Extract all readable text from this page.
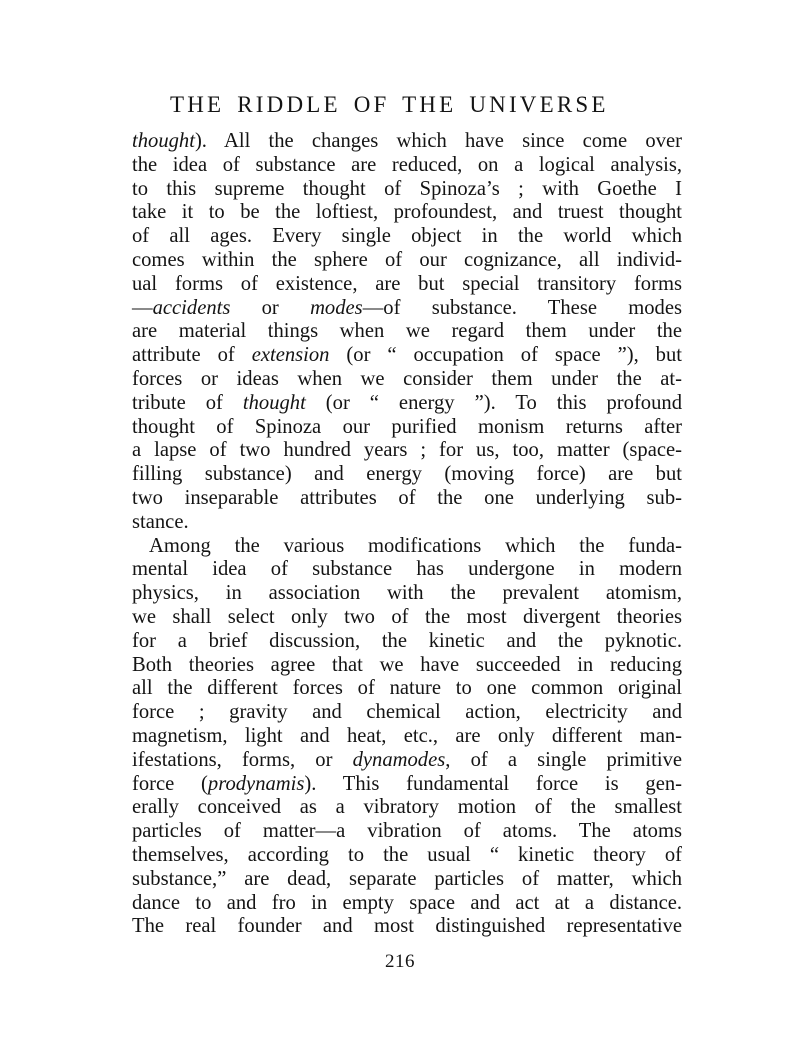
THE RIDDLE OF THE UNIVERSE
thought). All the changes which have since come over
the idea of substance are reduced, on a logical analysis,
to this supreme thought of Spinoza’s ; with Goethe I
take it to be the loftiest, profoundest, and truest thought
of all ages. Every single object in the world which
comes within the sphere of our cognizance, all individ-
ual forms of existence, are but special transitory forms
—accidents or modes—of substance. These modes
are material things when we regard them under the
attribute of extension (or “ occupation of space ”), but
forces or ideas when we consider them under the at-
tribute of thought (or “ energy ”). To this profound
thought of Spinoza our purified monism returns after
a lapse of two hundred years ; for us, too, matter (space-
filling substance) and energy (moving force) are but
two inseparable attributes of the one underlying sub-
stance.
Among the various modifications which the funda-
mental idea of substance has undergone in modern
physics, in association with the prevalent atomism,
we shall select only two of the most divergent theories
for a brief discussion, the kinetic and the pyknotic.
Both theories agree that we have succeeded in reducing
all the different forces of nature to one common original
force ; gravity and chemical action, electricity and
magnetism, light and heat, etc., are only different man-
ifestations, forms, or dynamodes, of a single primitive
force (prodynamis). This fundamental force is gen-
erally conceived as a vibratory motion of the smallest
particles of matter—a vibration of atoms. The atoms
themselves, according to the usual “ kinetic theory of
substance,” are dead, separate particles of matter, which
dance to and fro in empty space and act at a distance.
The real founder and most distinguished representative
216
